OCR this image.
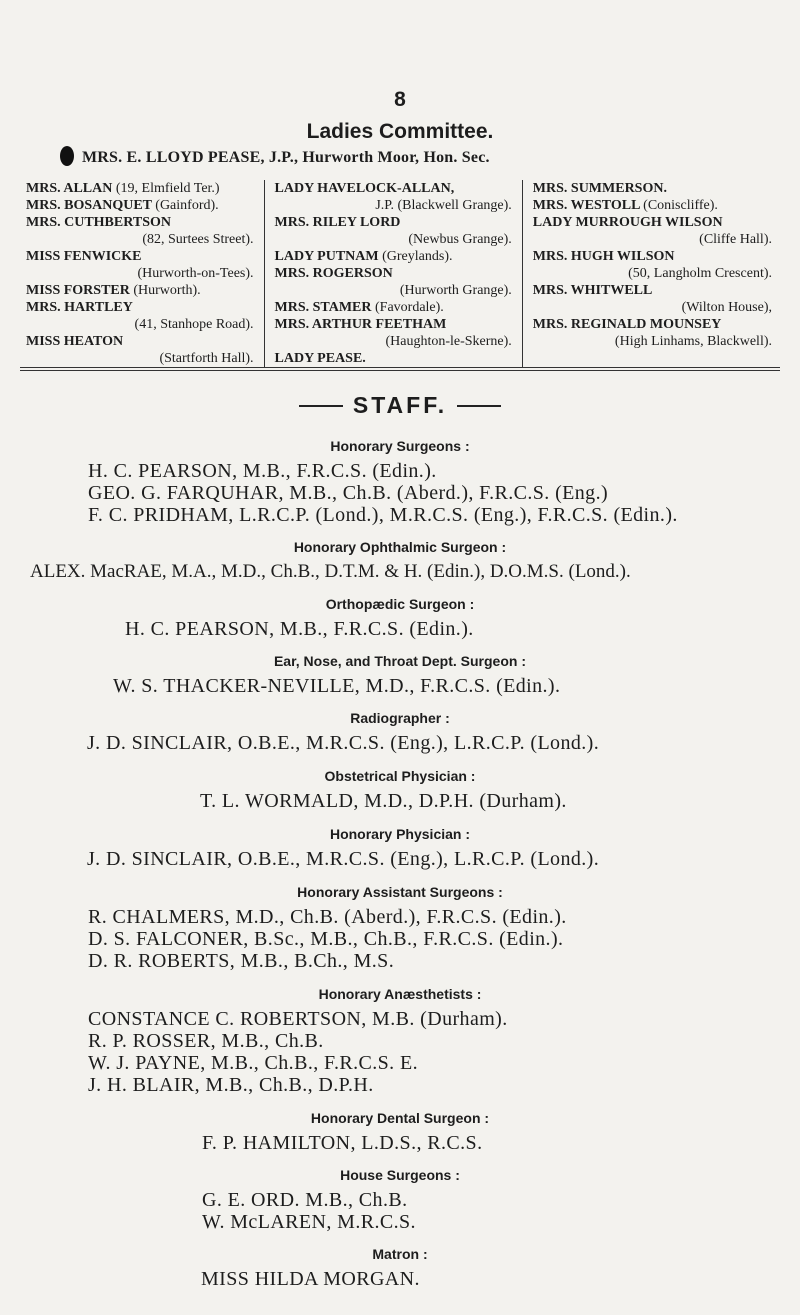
8
Ladies Committee.
MRS. E. LLOYD PEASE, J.P., Hurworth Moor, Hon. Sec.
MRS. ALLAN (19, Elmfield Ter.)
MRS. BOSANQUET (Gainford).
MRS. CUTHBERTSON
(82, Surtees Street).
MISS FENWICKE
(Hurworth-on-Tees).
MISS FORSTER (Hurworth).
MRS. HARTLEY
(41, Stanhope Road).
MISS HEATON
(Startforth Hall).
LADY HAVELOCK-ALLAN,
J.P. (Blackwell Grange).
MRS. RILEY LORD
(Newbus Grange).
LADY PUTNAM (Greylands).
MRS. ROGERSON
(Hurworth Grange).
MRS. STAMER (Favordale).
MRS. ARTHUR FEETHAM
(Haughton-le-Skerne).
LADY PEASE.
MRS. SUMMERSON.
MRS. WESTOLL (Coniscliffe).
LADY MURROUGH WILSON
(Cliffe Hall).
MRS. HUGH WILSON
(50, Langholm Crescent).
MRS. WHITWELL
(Wilton House),
MRS. REGINALD MOUNSEY
(High Linhams, Blackwell).
STAFF.
Honorary Surgeons :
H. C. PEARSON, M.B., F.R.C.S. (Edin.).
GEO. G. FARQUHAR, M.B., Ch.B. (Aberd.), F.R.C.S. (Eng.)
F. C. PRIDHAM, L.R.C.P. (Lond.), M.R.C.S. (Eng.), F.R.C.S. (Edin.).
Honorary Ophthalmic Surgeon :
ALEX. MacRAE, M.A., M.D., Ch.B., D.T.M. & H. (Edin.), D.O.M.S. (Lond.).
Orthopædic Surgeon :
H. C. PEARSON, M.B., F.R.C.S. (Edin.).
Ear, Nose, and Throat Dept. Surgeon :
W. S. THACKER-NEVILLE, M.D., F.R.C.S. (Edin.).
Radiographer :
J. D. SINCLAIR, O.B.E., M.R.C.S. (Eng.), L.R.C.P. (Lond.).
Obstetrical Physician :
T. L. WORMALD, M.D., D.P.H. (Durham).
Honorary Physician :
J. D. SINCLAIR, O.B.E., M.R.C.S. (Eng.), L.R.C.P. (Lond.).
Honorary Assistant Surgeons :
R. CHALMERS, M.D., Ch.B. (Aberd.), F.R.C.S. (Edin.).
D. S. FALCONER, B.Sc., M.B., Ch.B., F.R.C.S. (Edin.).
D. R. ROBERTS, M.B., B.Ch., M.S.
Honorary Anæsthetists :
CONSTANCE C. ROBERTSON, M.B. (Durham).
R. P. ROSSER, M.B., Ch.B.
W. J. PAYNE, M.B., Ch.B., F.R.C.S. E.
J. H. BLAIR, M.B., Ch.B., D.P.H.
Honorary Dental Surgeon :
F. P. HAMILTON, L.D.S., R.C.S.
House Surgeons :
G. E. ORD. M.B., Ch.B.
W. McLAREN, M.R.C.S.
Matron :
MISS HILDA MORGAN.
